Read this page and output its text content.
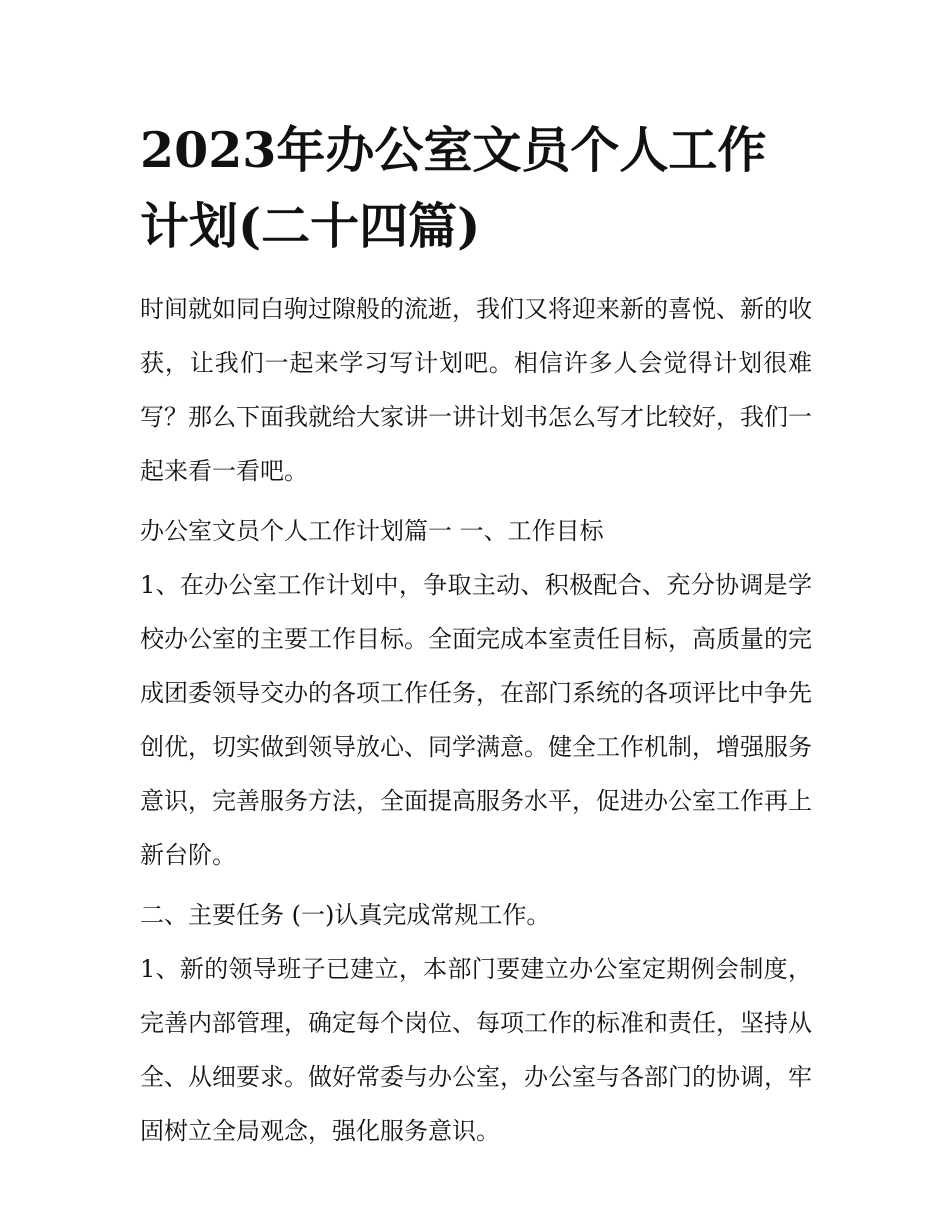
2023年办公室文员个人工作计划(二十四篇)

时间就如同白驹过隙般的流逝，我们又将迎来新的喜悦、新的收获，让我们一起来学习写计划吧。相信许多人会觉得计划很难写？那么下面我就给大家讲一讲计划书怎么写才比较好，我们一起来看一看吧。

办公室文员个人工作计划篇一 一、工作目标

1、在办公室工作计划中，争取主动、积极配合、充分协调是学校办公室的主要工作目标。全面完成本室责任目标，高质量的完成团委领导交办的各项工作任务，在部门系统的各项评比中争先创优，切实做到领导放心、同学满意。健全工作机制，增强服务意识，完善服务方法，全面提高服务水平，促进办公室工作再上新台阶。

二、主要任务 (一)认真完成常规工作。

1、新的领导班子已建立，本部门要建立办公室定期例会制度，完善内部管理，确定每个岗位、每项工作的标准和责任，坚持从全、从细要求。做好常委与办公室，办公室与各部门的协调，牢固树立全局观念，强化服务意识。
